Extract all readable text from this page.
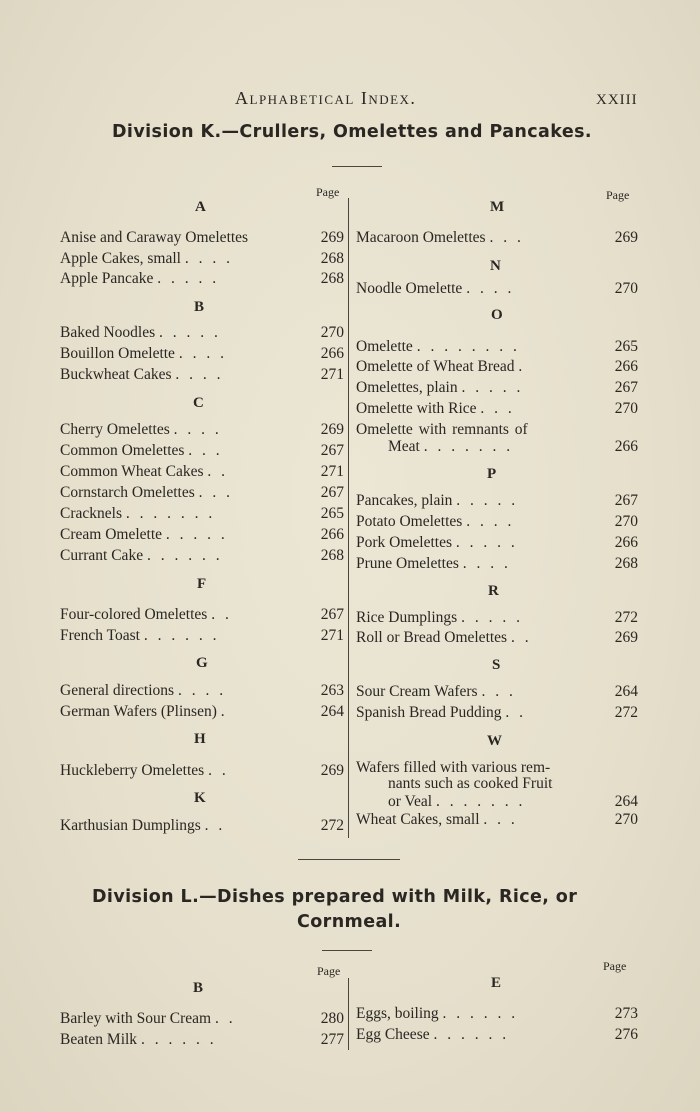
Alphabetical Index.	XXIII
Division K.—Crullers, Omelettes and Pancakes.
Page	Page
A
Anise and Caraway Omelettes	269
Apple Cakes, small . . . .	268
Apple Pancake . . . . .	268
B
Baked Noodles . . . . .	270
Bouillon Omelette . . . .	266
Buckwheat Cakes . . . .	271
C
Cherry Omelettes . . . .	269
Common Omelettes . . .	267
Common Wheat Cakes . .	271
Cornstarch Omelettes . . .	267
Cracknels . . . . . . .	265
Cream Omelette . . . . .	266
Currant Cake . . . . . .	268
F
Four-colored Omelettes . .	267
French Toast . . . . . .	271
G
General directions . . . .	263
German Wafers (Plinsen) .	264
H
Huckleberry Omelettes . .	269
K
Karthusian Dumplings . .	272
M
Macaroon Omelettes . . .	269
N
Noodle Omelette . . . .	270
O
Omelette . . . . . . . .	265
Omelette of Wheat Bread .	266
Omelettes, plain . . . . .	267
Omelette with Rice . . .	270
Omelette with remnants of
Meat . . . . . . .	266
P
Pancakes, plain . . . . .	267
Potato Omelettes . . . .	270
Pork Omelettes . . . . .	266
Prune Omelettes . . . .	268
R
Rice Dumplings . . . . .	272
Roll or Bread Omelettes . .	269
S
Sour Cream Wafers . . .	264
Spanish Bread Pudding . .	272
W
Wafers filled with various rem-
nants such as cooked Fruit
or Veal . . . . . . .	264
Wheat Cakes, small . . .	270
Division L.—Dishes prepared with Milk, Rice, or
Cornmeal.
Page	Page
B	E
Barley with Sour Cream . .	280
Beaten Milk . . . . . .	277
Eggs, boiling . . . . . .	273
Egg Cheese . . . . . .	276
